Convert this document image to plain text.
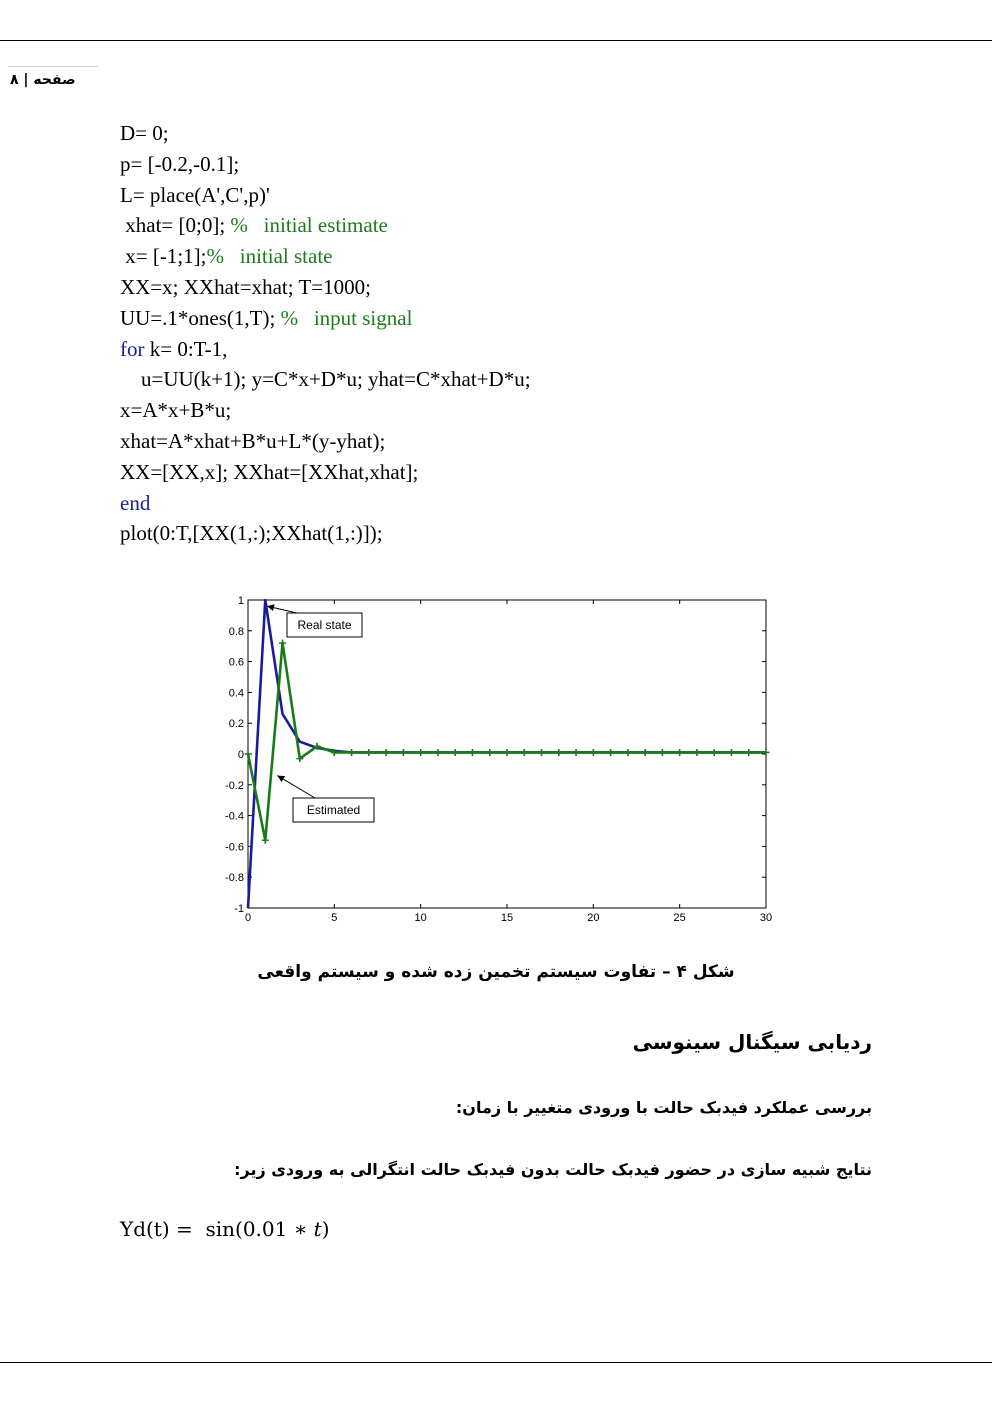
صفحه | ۸
D= 0;
p= [-0.2,-0.1];
L= place(A',C',p)'
xhat= [0;0]; %   initial estimate
x= [-1;1];%   initial state
XX=x; XXhat=xhat; T=1000;
UU=.1*ones(1,T); %   input signal
for k= 0:T-1,
u=UU(k+1); y=C*x+D*u; yhat=C*xhat+D*u;
x=A*x+B*u;
xhat=A*xhat+B*u+L*(y-yhat);
XX=[XX,x]; XXhat=[XXhat,xhat];
end
plot(0:T,[XX(1,:);XXhat(1,:)]);
0	5	10	15	20	25	30
-1
-0.8
-0.6
-0.4
-0.2
0
0.2
0.4
0.6
0.8
1
Real state
Estimated
شکل ۴ – تفاوت سیستم تخمین زده شده و سیستم واقعی
ردیابی سیگنال سینوسی
بررسی عملکرد فیدبک حالت با ورودی متغییر با زمان:
نتایج شبیه سازی در حضور فیدبک حالت بدون فیدبک حالت انتگرالی به ورودی زیر:
Yd(t) =  sin(0.01 ∗ t)
